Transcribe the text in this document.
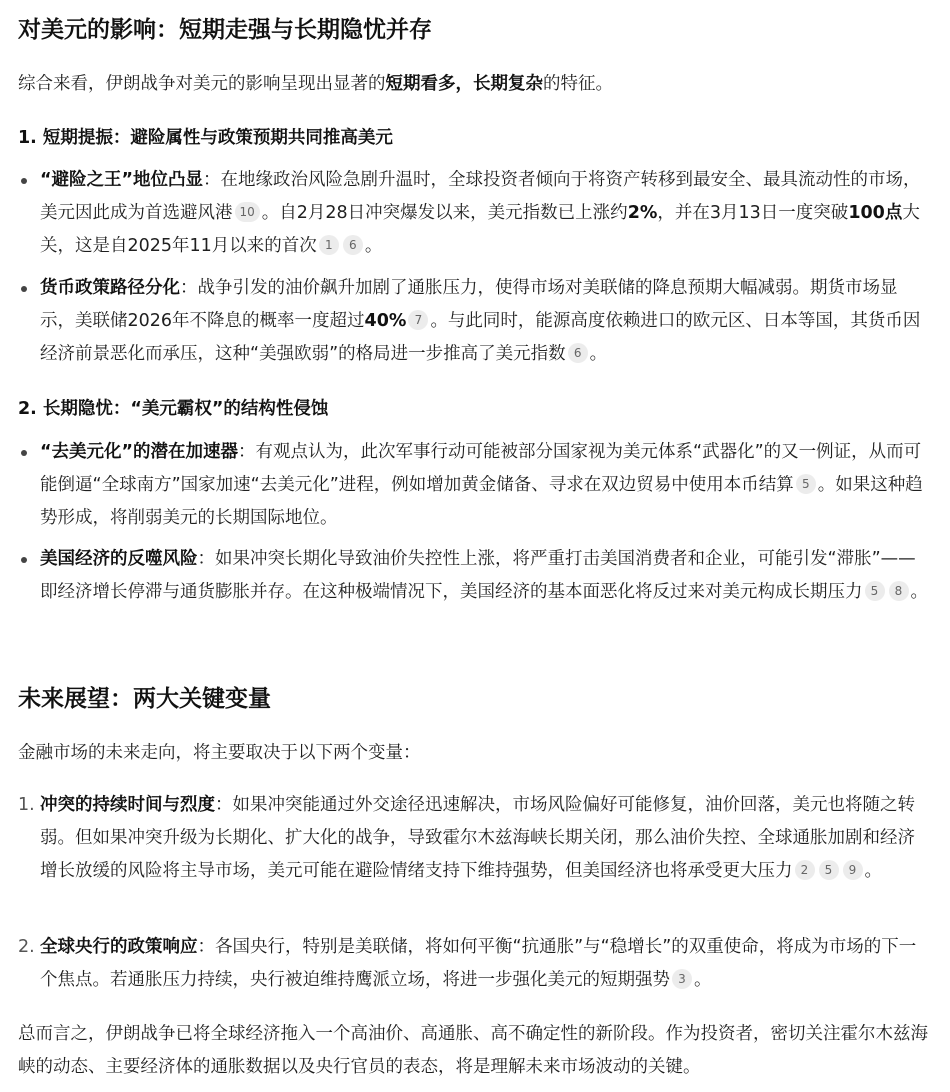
对美元的影响：短期走强与长期隐忧并存

综合来看，伊朗战争对美元的影响呈现出显著的短期看多，长期复杂的特征。

1. 短期提振：避险属性与政策预期共同推高美元
“避险之王”地位凸显：在地缘政治风险急剧升温时，全球投资者倾向于将资产转移到最安全、最具流动性的市场，美元因此成为首选避风港 10 。自2月28日冲突爆发以来，美元指数已上涨约2%，并在3月13日一度突破100点大关，这是自2025年11月以来的首次 1 6 。
货币政策路径分化：战争引发的油价飙升加剧了通胀压力，使得市场对美联储的降息预期大幅减弱。期货市场显示，美联储2026年不降息的概率一度超过40% 7 。与此同时，能源高度依赖进口的欧元区、日本等国，其货币因经济前景恶化而承压，这种“美强欧弱”的格局进一步推高了美元指数 6 。
2. 长期隐忧：“美元霸权”的结构性侵蚀
“去美元化”的潜在加速器：有观点认为，此次军事行动可能被部分国家视为美元体系“武器化”的又一例证，从而可能倒逼“全球南方”国家加速“去美元化”进程，例如增加黄金储备、寻求在双边贸易中使用本币结算 5 。如果这种趋势形成，将削弱美元的长期国际地位。
美国经济的反噬风险：如果冲突长期化导致油价失控性上涨，将严重打击美国消费者和企业，可能引发“滞胀”——即经济增长停滞与通货膨胀并存。在这种极端情况下，美国经济的基本面恶化将反过来对美元构成长期压力 5 8 。
未来展望：两大关键变量

金融市场的未来走向，将主要取决于以下两个变量：

1. 冲突的持续时间与烈度：如果冲突能通过外交途径迅速解决，市场风险偏好可能修复，油价回落，美元也将随之转弱。但如果冲突升级为长期化、扩大化的战争，导致霍尔木兹海峡长期关闭，那么油价失控、全球通胀加剧和经济增长放缓的风险将主导市场，美元可能在避险情绪支持下维持强势，但美国经济也将承受更大压力 2 5 9 。
2. 全球央行的政策响应：各国央行，特别是美联储，将如何平衡“抗通胀”与“稳增长”的双重使命，将成为市场的下一个焦点。若通胀压力持续，央行被迫维持鹰派立场，将进一步强化美元的短期强势 3 。

总而言之，伊朗战争已将全球经济拖入一个高油价、高通胀、高不确定性的新阶段。作为投资者，密切关注霍尔木兹海峡的动态、主要经济体的通胀数据以及央行官员的表态，将是理解未来市场波动的关键。
